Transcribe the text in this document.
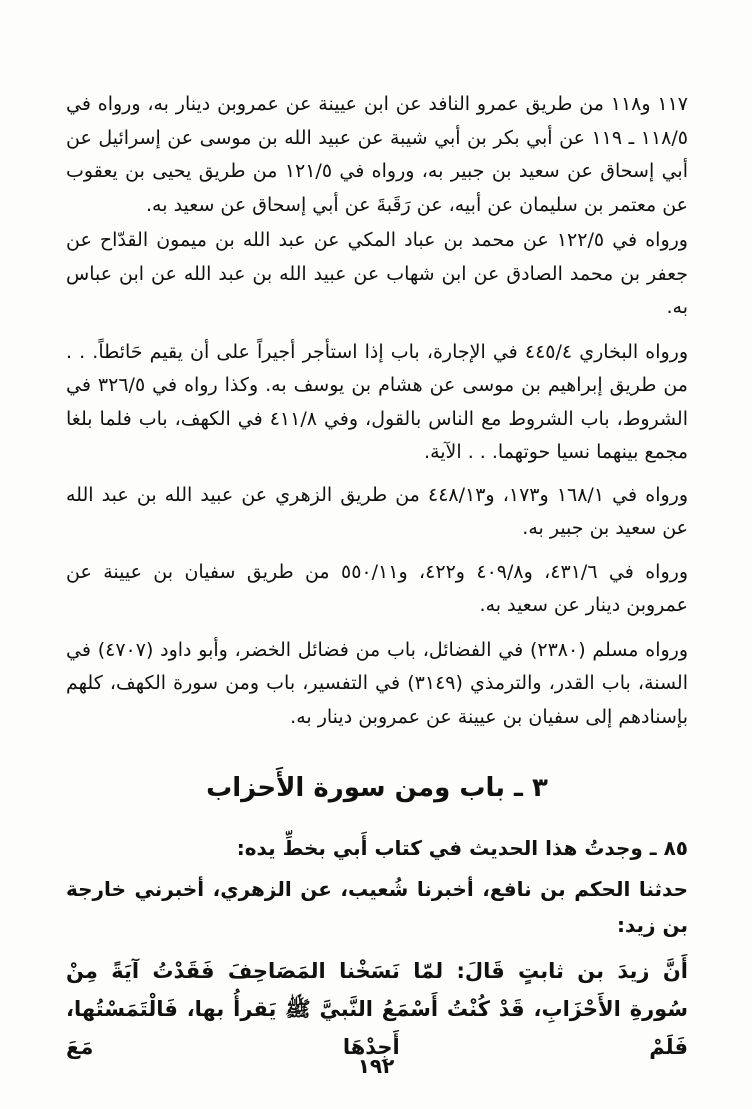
١١٧ و١١٨ من طريق عمرو النافد عن ابن عيينة عن عمروبن دينار به، ورواه في ١١٨/٥ ـ ١١٩ عن أبي بكر بن أبي شيبة عن عبيد الله بن موسى عن إسرائيل عن أبي إسحاق عن سعيد بن جبير به، ورواه في ١٢١/٥ من طريق يحيى بن يعقوب عن معتمر بن سليمان عن أبيه، عن رَقَبةَ عن أبي إسحاق عن سعيد به.

ورواه في ١٢٢/٥ عن محمد بن عباد المكي عن عبد الله بن ميمون القدّاح عن جعفر بن محمد الصادق عن ابن شهاب عن عبيد الله بن عبد الله عن ابن عباس به.

ورواه البخاري ٤٤٥/٤ في الإجارة، باب إذا استأجر أجيراً على أن يقيم حَائطاً. . . من طريق إبراهيم بن موسى عن هشام بن يوسف به. وكذا رواه في ٣٢٦/٥ في الشروط، باب الشروط مع الناس بالقول، وفي ٤١١/٨ في الكهف، باب فلما بلغا مجمع بينهما نسيا حوتهما. . . الآية.

ورواه في ١٦٨/١ و١٧٣، و٤٤٨/١٣ من طريق الزهري عن عبيد الله بن عبد الله عن سعيد بن جبير به.

ورواه في ٤٣١/٦، و٤٠٩/٨ و٤٢٢، و٥٥٠/١١ من طريق سفيان بن عيينة عن عمروبن دينار عن سعيد به.

ورواه مسلم (٢٣٨٠) في الفضائل، باب من فضائل الخضر، وأبو داود (٤٧٠٧) في السنة، باب القدر، والترمذي (٣١٤٩) في التفسير، باب ومن سورة الكهف، كلهم بإسنادهم إلى سفيان بن عيينة عن عمروبن دينار به.

٣ ـ باب ومن سورة الأَحزاب

٨٥ ـ وجدتُ هذا الحديث في كتاب أَبي بخطِّ يده:

حدثنا الحكم بن نافع، أخبرنا شُعيب، عن الزهري، أخبرني خارجة بن زيد:

أَنَّ زيدَ بن ثابتٍ قَالَ: لمّا نَسَخْنا المَصَاحِفَ فَقَدْتُ آيَةً مِنْ سُورةِ الأَحْزَابِ، قَدْ كُنْتُ أَسْمَعُ النَّبيَّ ﷺ يَقرأُ بها، فَالْتَمَسْتُها، فَلَمْ أَجِدْهَا مَعَ

١٩٢
